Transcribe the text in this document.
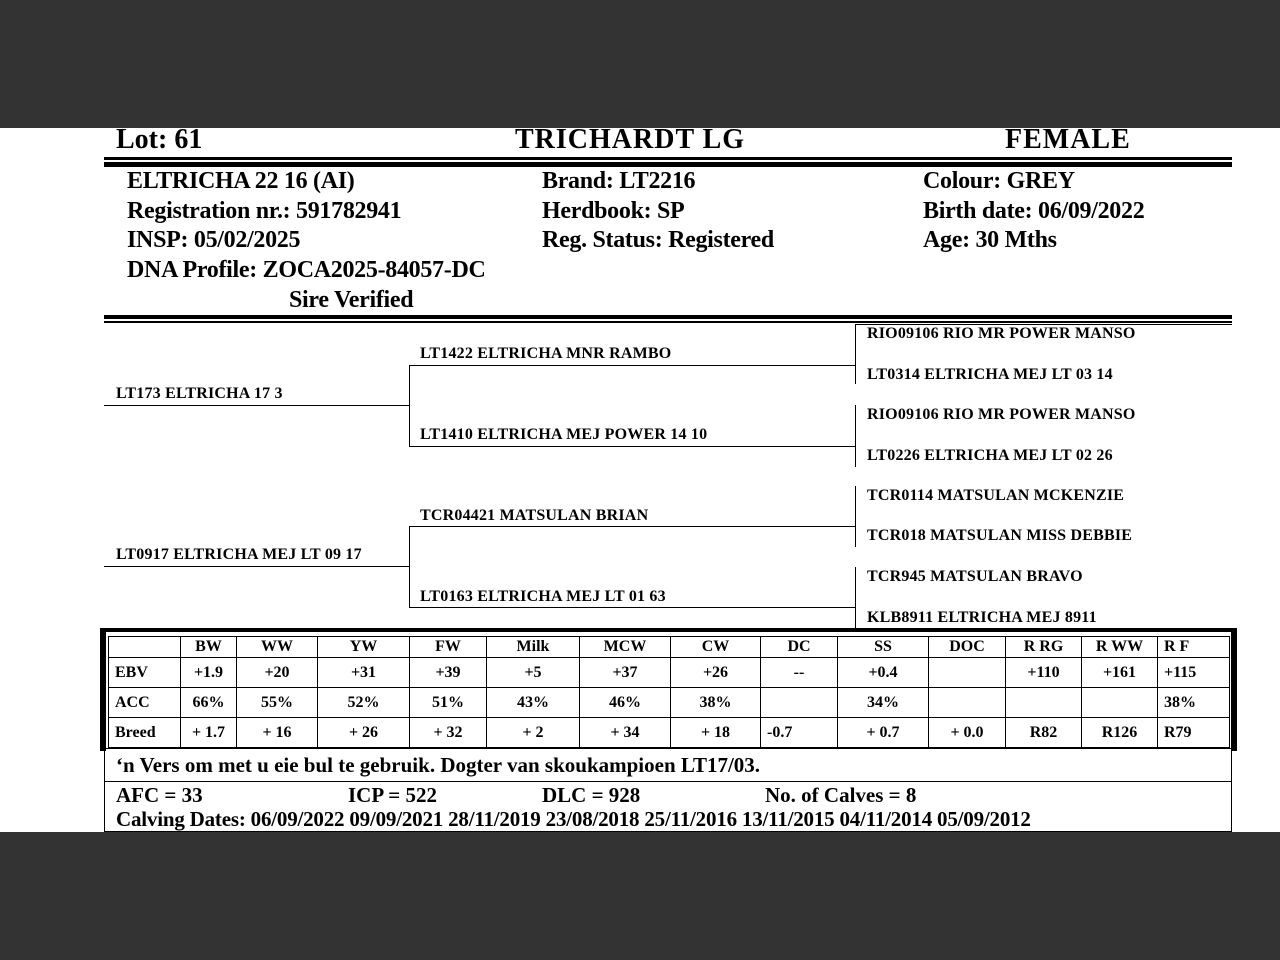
Lot: 61	TRICHARDT LG	FEMALE
ELTRICHA 22 16 (AI)
Registration nr.: 591782941
INSP: 05/02/2025
DNA Profile: ZOCA2025-84057-DC
Sire Verified
Brand: LT2216
Herdbook: SP
Reg. Status: Registered
Colour: GREY
Birth date: 06/09/2022
Age: 30 Mths
LT173 ELTRICHA 17 3
LT0917 ELTRICHA MEJ LT 09 17
LT1422 ELTRICHA MNR RAMBO
LT1410 ELTRICHA MEJ POWER 14 10
TCR04421 MATSULAN BRIAN
LT0163 ELTRICHA MEJ LT 01 63
RIO09106 RIO MR POWER MANSO
LT0314 ELTRICHA MEJ LT 03 14
RIO09106 RIO MR POWER MANSO
LT0226 ELTRICHA MEJ LT 02 26
TCR0114 MATSULAN MCKENZIE
TCR018 MATSULAN MISS DEBBIE
TCR945 MATSULAN BRAVO
KLB8911 ELTRICHA MEJ 8911
	BW	WW	YW	FW	Milk	MCW	CW	DC	SS	DOC	R RG	R WW	R F
EBV	+1.9	+20	+31	+39	+5	+37	+26	--	+0.4		+110	+161	+115
ACC	66%	55%	52%	51%	43%	46%	38%		34%				38%
Breed	+ 1.7	+ 16	+ 26	+ 32	+ 2	+ 34	+ 18	-0.7	+ 0.7	+ 0.0	R82	R126	R79
‘n Vers om met u eie bul te gebruik. Dogter van skoukampioen LT17/03.
AFC = 33	ICP = 522	DLC = 928	No. of Calves = 8
Calving Dates: 06/09/2022 09/09/2021 28/11/2019 23/08/2018 25/11/2016 13/11/2015 04/11/2014 05/09/2012
